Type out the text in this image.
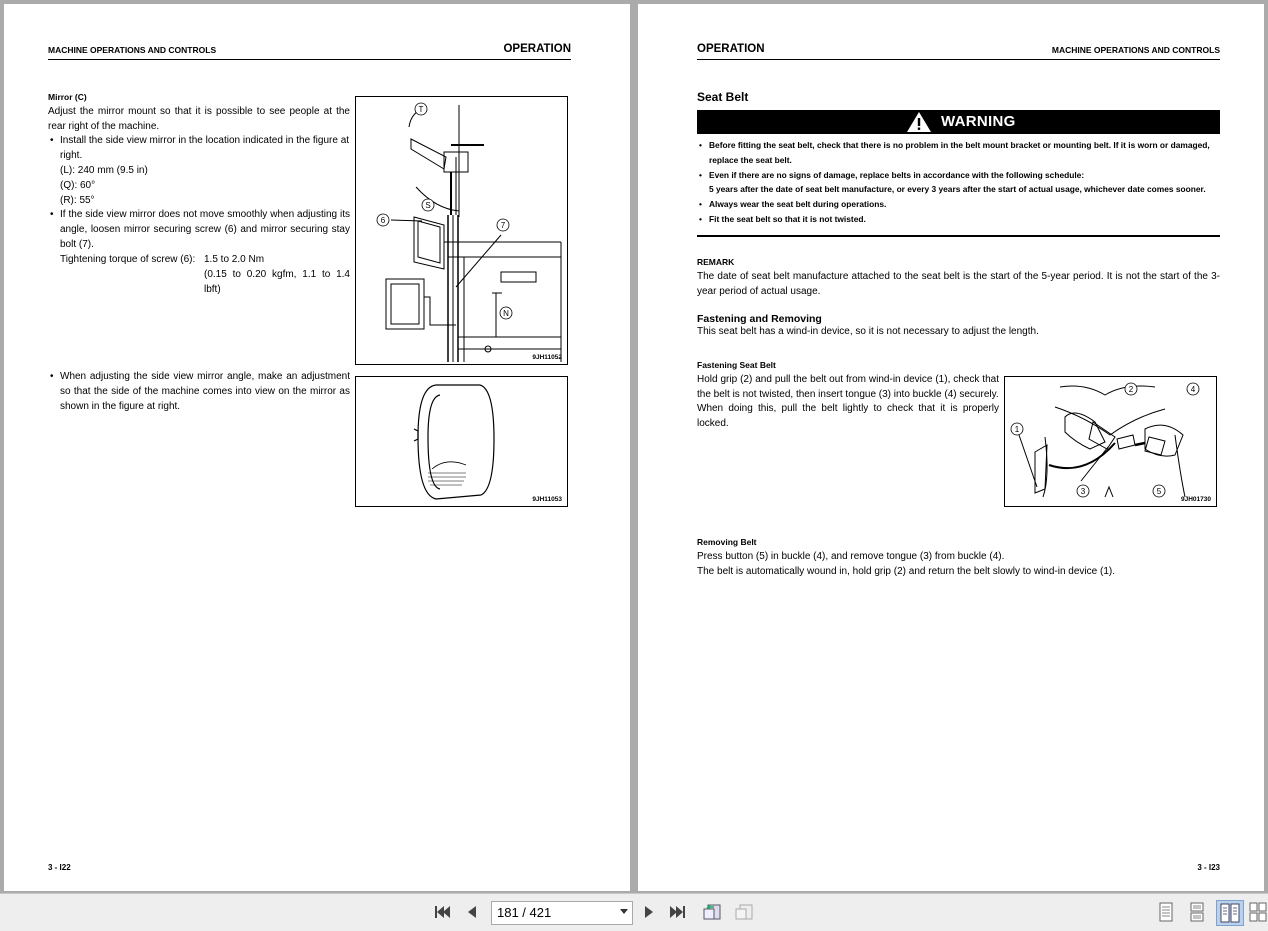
MACHINE OPERATIONS AND CONTROLS	OPERATION
Mirror (C)
Adjust the mirror mount so that it is possible to see people at the rear right of the machine.
• Install the side view mirror in the location indicated in the figure at right.
(L): 240 mm (9.5 in)
(Q): 60°
(R): 55°
• If the side view mirror does not move smoothly when adjusting its angle, loosen mirror securing screw (6) and mirror securing stay bolt (7).
Tightening torque of screw (6): 1.5 to 2.0 Nm
(0.15 to 0.20 kgfm, 1.1 to 1.4 lbft)
T
S
6
7
N
9JH11052
• When adjusting the side view mirror angle, make an adjustment so that the side of the machine comes into view on the mirror as shown in the figure at right.
9JH11053
3 - I22
OPERATION	MACHINE OPERATIONS AND CONTROLS
Seat Belt
WARNING
• Before fitting the seat belt, check that there is no problem in the belt mount bracket or mounting belt. If it is worn or damaged, replace the seat belt.
• Even if there are no signs of damage, replace belts in accordance with the following schedule:
5 years after the date of seat belt manufacture, or every 3 years after the start of actual usage, whichever date comes sooner.
• Always wear the seat belt during operations.
• Fit the seat belt so that it is not twisted.
REMARK
The date of seat belt manufacture attached to the seat belt is the start of the 5-year period. It is not the start of the 3-year period of actual usage.
Fastening and Removing
This seat belt has a wind-in device, so it is not necessary to adjust the length.
Fastening Seat Belt
Hold grip (2) and pull the belt out from wind-in device (1), check that the belt is not twisted, then insert tongue (3) into buckle (4) securely.
When doing this, pull the belt lightly to check that it is properly locked.
1
2	4
3	5
9JH01730
Removing Belt
Press button (5) in buckle (4), and remove tongue (3) from buckle (4).
The belt is automatically wound in, hold grip (2) and return the belt slowly to wind-in device (1).
3 - I23
181 / 421
